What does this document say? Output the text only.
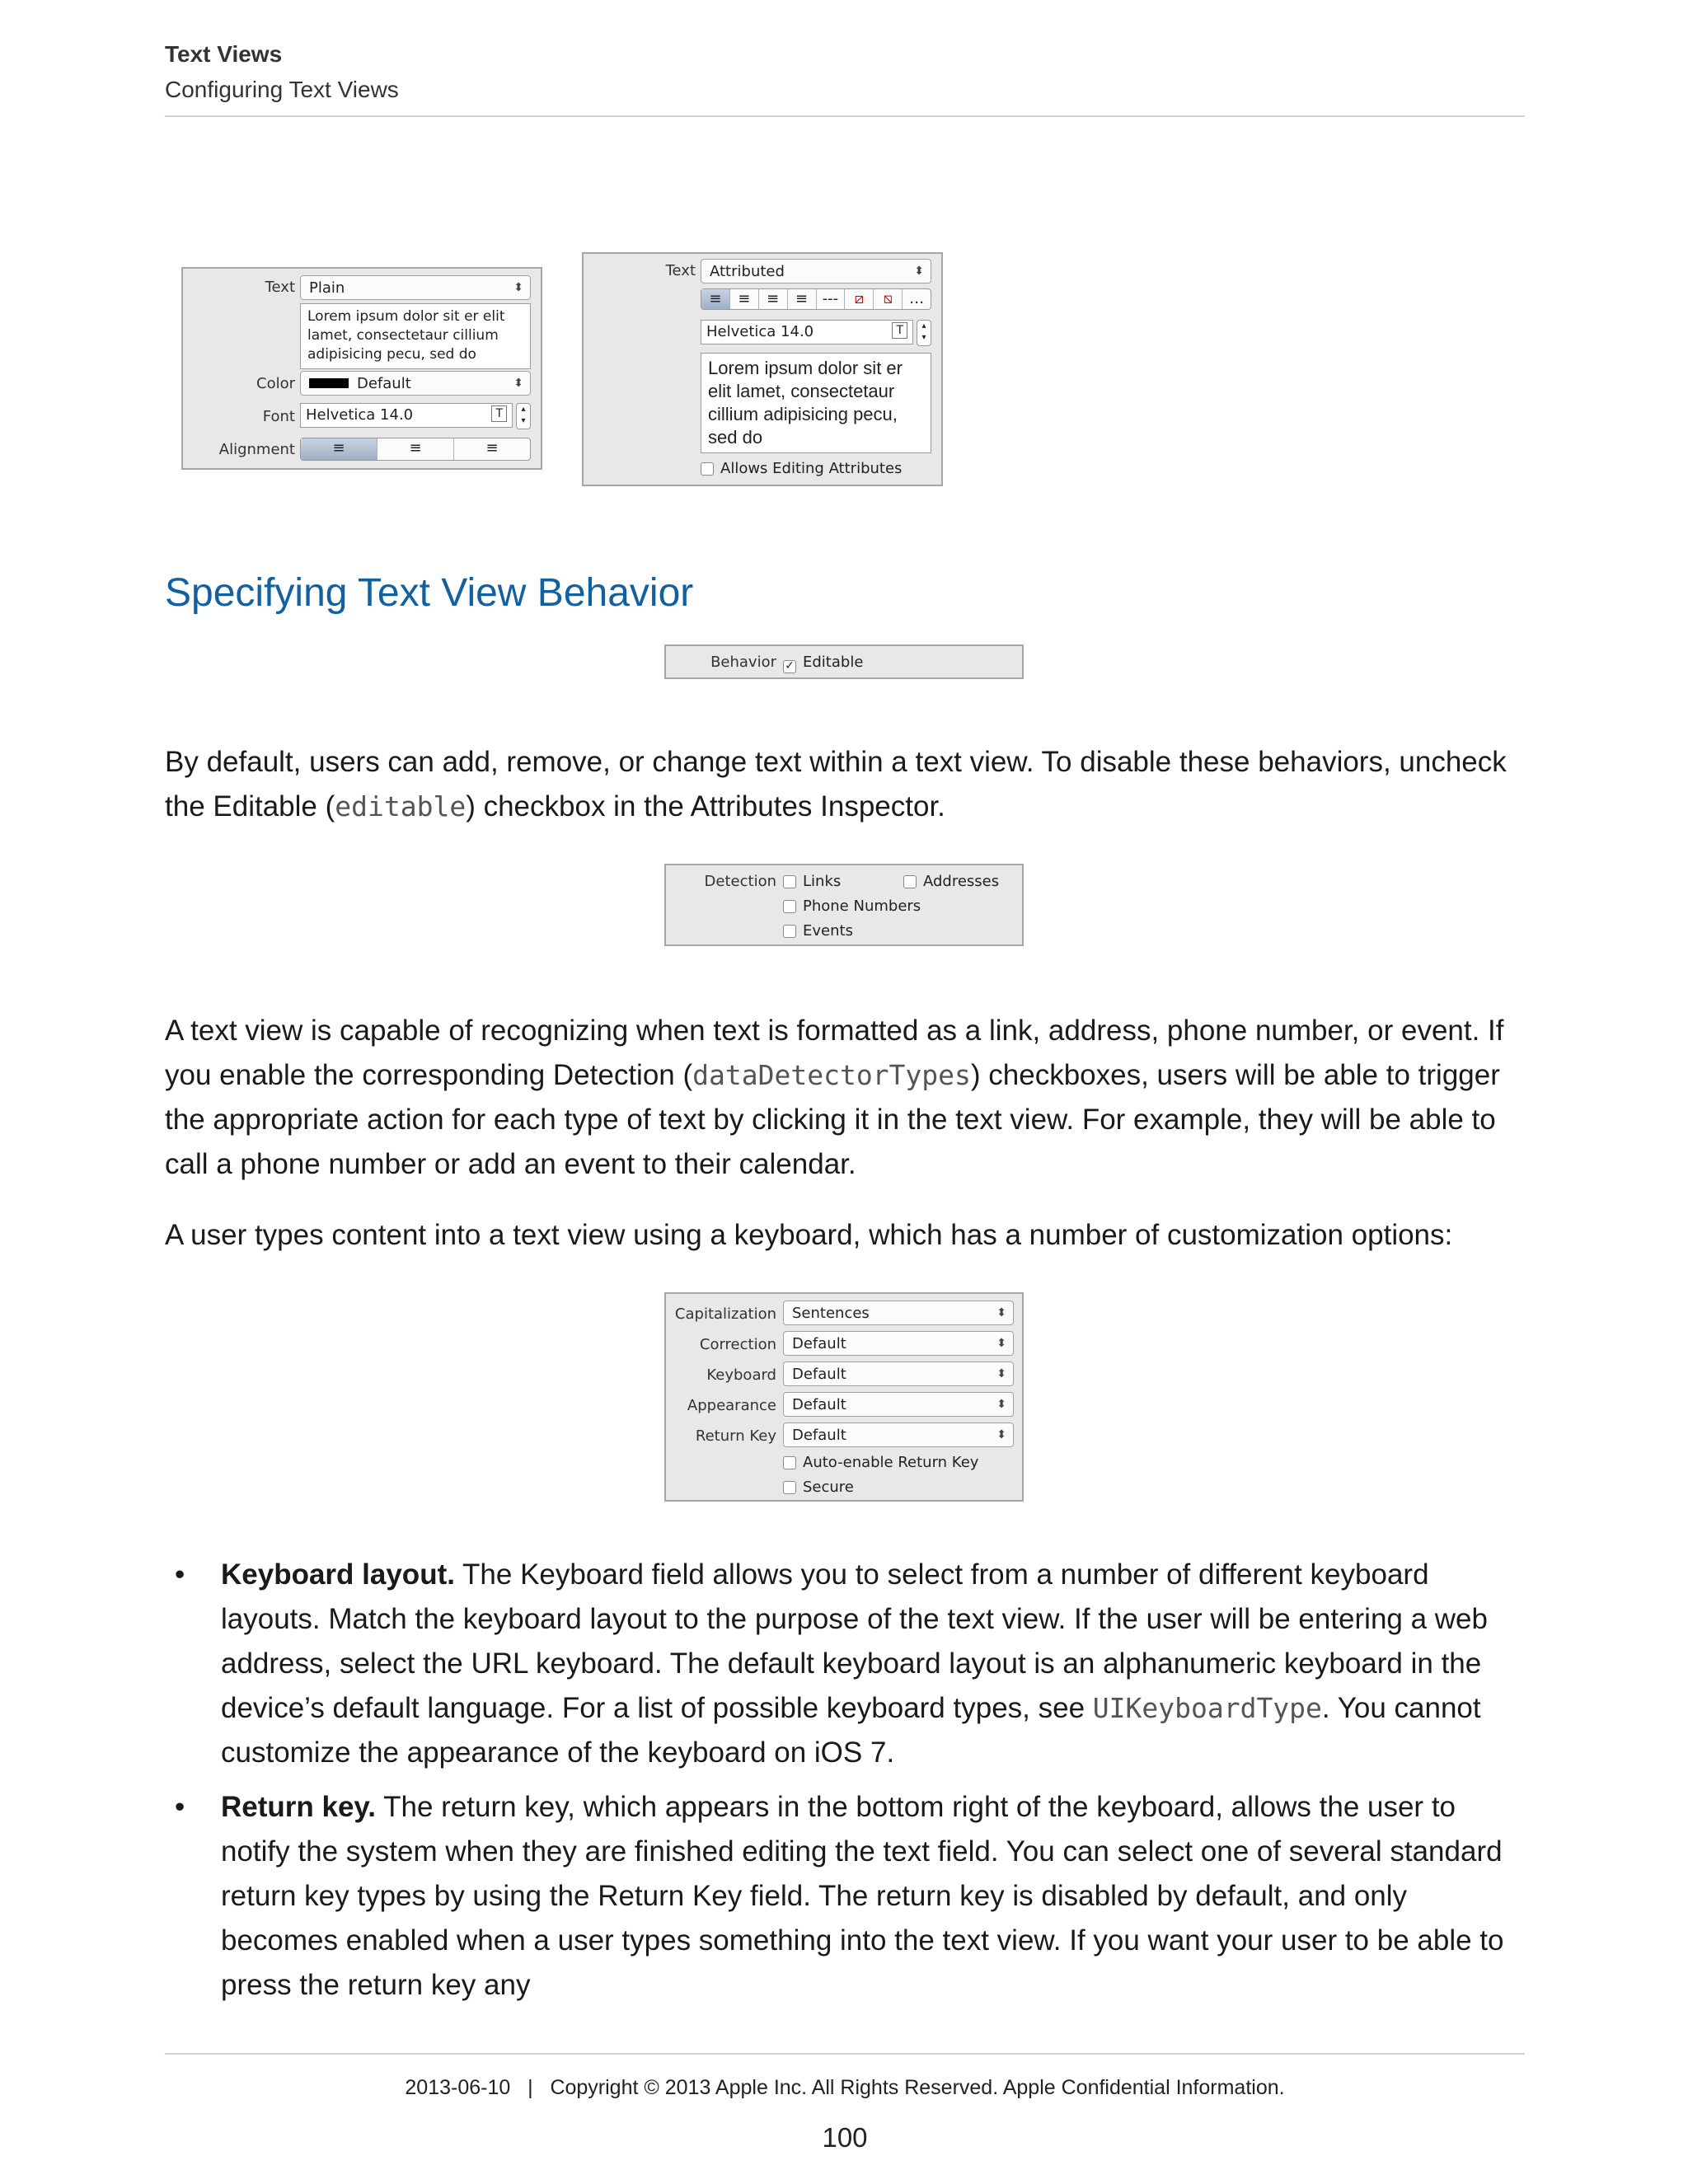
Text Views
Configuring Text Views
Text Plain	⬍
Lorem ipsum dolor sit er elit lamet, consectetaur cillium adipisicing pecu, sed do
Color	Default	⬍
Font Helvetica 14.0	T	▴
▾
Alignment	≡	≡	≡
Text Attributed	⬍
≡	≡	≡	≡ ---	⧄	⧅	…
Helvetica 14.0	T	▴
▾
Lorem ipsum dolor sit er elit lamet, consectetaur cillium adipisicing pecu, sed do
Allows Editing Attributes
Specifying Text View Behavior
Behavior ✓ Editable
By default, users can add, remove, or change text within a text view. To disable these behaviors, uncheck the Editable (editable) checkbox in the Attributes Inspector.
Detection	Links	Addresses
Phone Numbers
Events
A text view is capable of recognizing when text is formatted as a link, address, phone number, or event. If you enable the corresponding Detection (dataDetectorTypes) checkboxes, users will be able to trigger the appropriate action for each type of text by clicking it in the text view. For example, they will be able to call a phone number or add an event to their calendar.
A user types content into a text view using a keyboard, which has a number of customization options:
Capitalization	Sentences	⬍
Correction	Default	⬍
Keyboard	Default	⬍
Appearance	Default	⬍
Return Key	Default	⬍
Auto-enable Return Key
Secure
• Keyboard layout. The Keyboard field allows you to select from a number of different keyboard layouts. Match the keyboard layout to the purpose of the text view. If the user will be entering a web address, select the URL keyboard. The default keyboard layout is an alphanumeric keyboard in the device’s default language. For a list of possible keyboard types, see UIKeyboardType. You cannot customize the appearance of the keyboard on iOS 7.
• Return key. The return key, which appears in the bottom right of the keyboard, allows the user to notify the system when they are finished editing the text field. You can select one of several standard return key types by using the Return Key field. The return key is disabled by default, and only becomes enabled when a user types something into the text view. If you want your user to be able to press the return key any
2013-06-10   |   Copyright © 2013 Apple Inc. All Rights Reserved. Apple Confidential Information.
100
